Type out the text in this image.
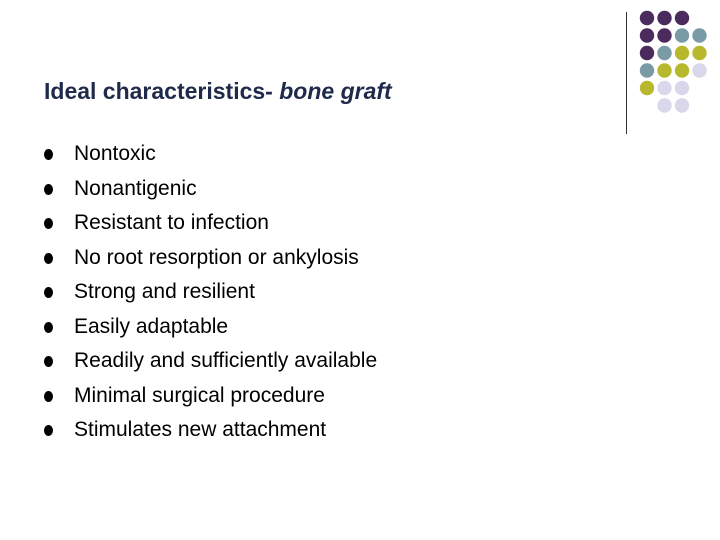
Ideal characteristics- bone graft
Nontoxic
Nonantigenic
Resistant to infection
No root resorption or ankylosis
Strong and resilient
Easily adaptable
Readily and sufficiently available
Minimal surgical procedure
Stimulates new attachment
